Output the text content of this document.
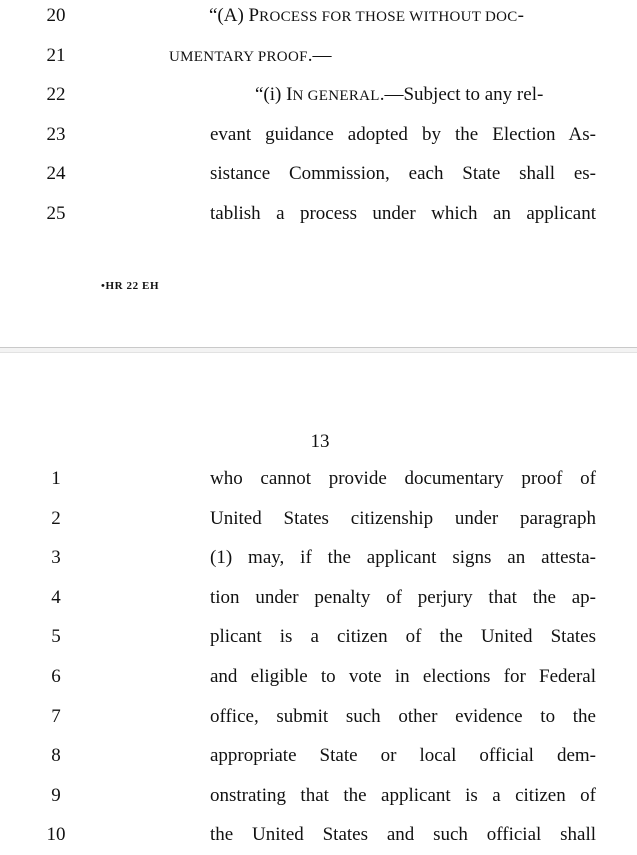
20	“(A) PROCESS FOR THOSE WITHOUT DOC-
21	UMENTARY PROOF.—
22	“(i) IN GENERAL.—Subject to any rel-
23	evant guidance adopted by the Election As-
24	sistance Commission, each State shall es-
25	tablish a process under which an applicant
•HR 22 EH
13
1	who cannot provide documentary proof of
2	United States citizenship under paragraph
3	(1) may, if the applicant signs an attesta-
4	tion under penalty of perjury that the ap-
5	plicant is a citizen of the United States
6	and eligible to vote in elections for Federal
7	office, submit such other evidence to the
8	appropriate State or local official dem-
9	onstrating that the applicant is a citizen of
10	the United States and such official shall
